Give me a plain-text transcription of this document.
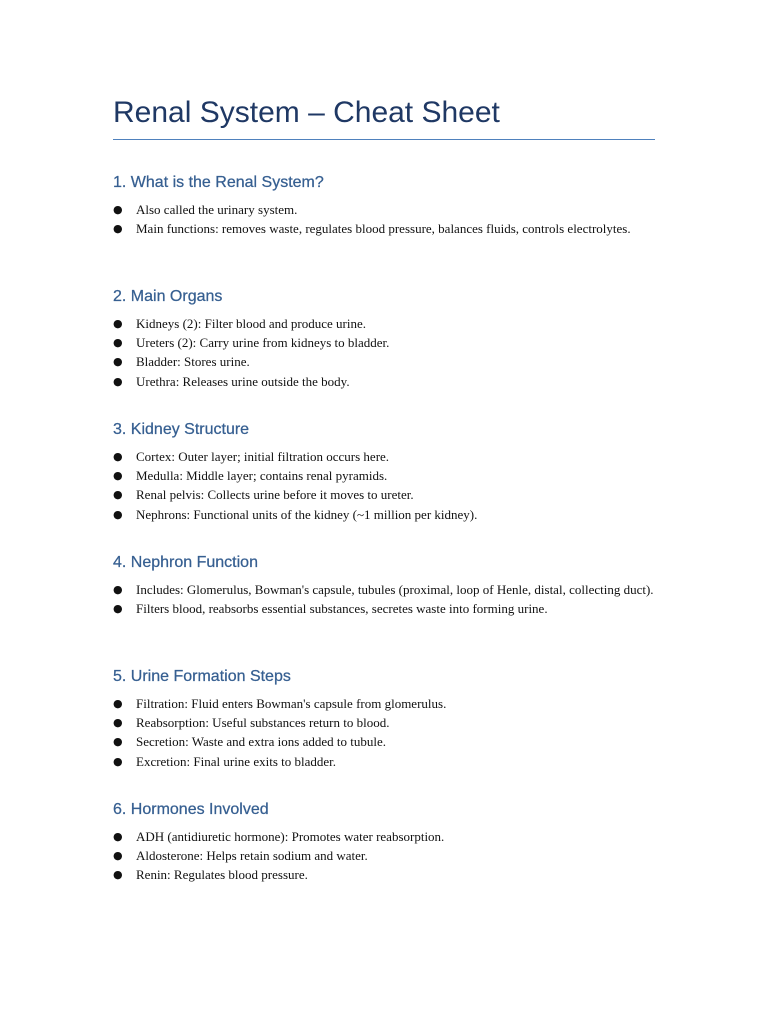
Renal System – Cheat Sheet
1. What is the Renal System?
● Also called the urinary system.
● Main functions: removes waste, regulates blood pressure, balances fluids, controls electrolytes.
2. Main Organs
● Kidneys (2): Filter blood and produce urine.
● Ureters (2): Carry urine from kidneys to bladder.
● Bladder: Stores urine.
● Urethra: Releases urine outside the body.
3. Kidney Structure
● Cortex: Outer layer; initial filtration occurs here.
● Medulla: Middle layer; contains renal pyramids.
● Renal pelvis: Collects urine before it moves to ureter.
● Nephrons: Functional units of the kidney (~1 million per kidney).
4. Nephron Function
● Includes: Glomerulus, Bowman's capsule, tubules (proximal, loop of Henle, distal, collecting duct).
● Filters blood, reabsorbs essential substances, secretes waste into forming urine.
5. Urine Formation Steps
● Filtration: Fluid enters Bowman's capsule from glomerulus.
● Reabsorption: Useful substances return to blood.
● Secretion: Waste and extra ions added to tubule.
● Excretion: Final urine exits to bladder.
6. Hormones Involved
● ADH (antidiuretic hormone): Promotes water reabsorption.
● Aldosterone: Helps retain sodium and water.
● Renin: Regulates blood pressure.
